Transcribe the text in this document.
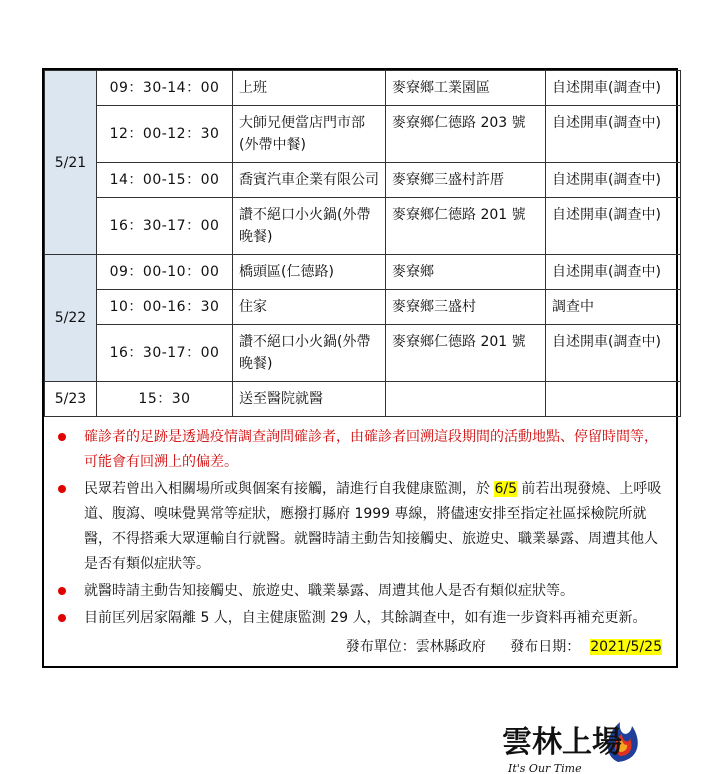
5/21	09：30-14：00	上班	麥寮鄉工業園區	自述開車(調查中)
	12：00-12：30	大師兄便當店門市部(外帶中餐)	麥寮鄉仁德路 203 號	自述開車(調查中)
	14：00-15：00	喬賓汽車企業有限公司	麥寮鄉三盛村許厝	自述開車(調查中)
	16：30-17：00	讚不絕口小火鍋(外帶晚餐)	麥寮鄉仁德路 201 號	自述開車(調查中)
5/22	09：00-10：00	橋頭區(仁德路)	麥寮鄉	自述開車(調查中)
	10：00-16：30	住家	麥寮鄉三盛村	調查中
	16：30-17：00	讚不絕口小火鍋(外帶晚餐)	麥寮鄉仁德路 201 號	自述開車(調查中)
5/23	15：30	送至醫院就醫		
確診者的足跡是透過疫情調查詢問確診者，由確診者回溯這段期間的活動地點、停留時間等，可能會有回溯上的偏差。
民眾若曾出入相關場所或與個案有接觸，請進行自我健康監測，於 6/5 前若出現發燒、上呼吸道、腹瀉、嗅味覺異常等症狀，應撥打縣府 1999 專線，將儘速安排至指定社區採檢院所就醫，不得搭乘大眾運輸自行就醫。就醫時請主動告知接觸史、旅遊史、職業暴露、周遭其他人是否有類似症狀等。
就醫時請主動告知接觸史、旅遊史、職業暴露、周遭其他人是否有類似症狀等。
目前匡列居家隔離 5 人，自主健康監測 29 人，其餘調查中，如有進一步資料再補充更新。
發布單位：雲林縣政府 發布日期： 2021/5/25
雲林上場
It's Our Time
